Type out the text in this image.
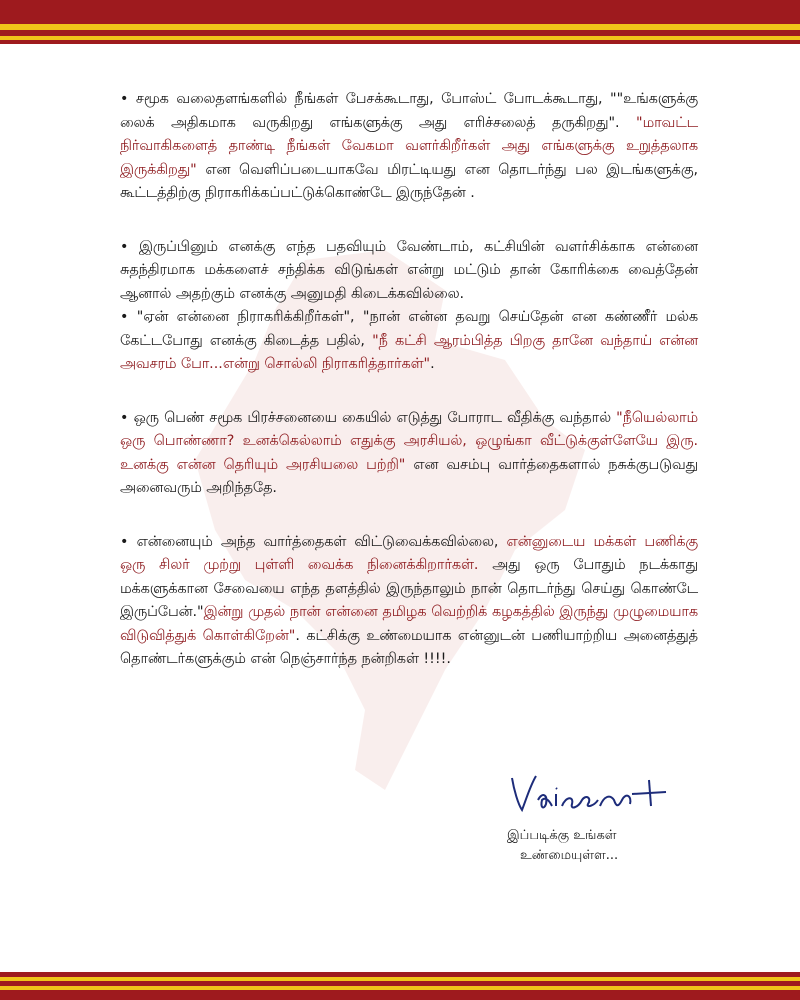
• சமூக வலைதளங்களில் நீங்கள் பேசக்கூடாது, போஸ்ட் போடக்கூடாது, ""உங்களுக்கு லைக் அதிகமாக வருகிறது எங்களுக்கு அது எரிச்சலைத் தருகிறது". "மாவட்ட நிர்வாகிகளைத் தாண்டி நீங்கள் வேகமா வளர்கிறீர்கள் அது எங்களுக்கு உறுத்தலாக இருக்கிறது" என வெளிப்படையாகவே மிரட்டியது என தொடர்ந்து பல இடங்களுக்கு, கூட்டத்திற்கு நிராகரிக்கப்பட்டுக்கொண்டே இருந்தேன் .

• இருப்பினும் எனக்கு எந்த பதவியும் வேண்டாம், கட்சியின் வளர்சிக்காக என்னை சுதந்திரமாக மக்களைச் சந்திக்க விடுங்கள் என்று மட்டும் தான் கோரிக்கை வைத்தேன் ஆனால் அதற்கும் எனக்கு அனுமதி கிடைக்கவில்லை.

• "ஏன் என்னை நிராகரிக்கிறீர்கள்", "நான் என்ன தவறு செய்தேன் என கண்ணீர் மல்க கேட்டபோது எனக்கு கிடைத்த பதில், "நீ கட்சி ஆரம்பித்த பிறகு தானே வந்தாய் என்ன அவசரம் போ...என்று சொல்லி நிராகரித்தார்கள்".

• ஒரு பெண் சமூக பிரச்சனையை கையில் எடுத்து போராட வீதிக்கு வந்தால் "நீயெல்லாம் ஒரு பொண்ணா? உனக்கெல்லாம் எதுக்கு அரசியல், ஒழுங்கா வீட்டுக்குள்ளேயே இரு. உனக்கு என்ன தெரியும் அரசியலை பற்றி" என வசம்பு வார்த்தைகளால் நசுக்குபடுவது அனைவரும் அறிந்ததே.

• என்னையும் அந்த வார்த்தைகள் விட்டுவைக்கவில்லை, என்னுடைய மக்கள் பணிக்கு ஒரு சிலர் முற்று புள்ளி வைக்க நினைக்கிறார்கள். அது ஒரு போதும் நடக்காது மக்களுக்கான சேவையை எந்த தளத்தில் இருந்தாலும் நான் தொடர்ந்து செய்து கொண்டே இருப்பேன்."இன்று முதல் நான் என்னை தமிழக வெற்றிக் கழகத்தில் இருந்து முழுமையாக விடுவித்துக் கொள்கிறேன்". கட்சிக்கு உண்மையாக என்னுடன் பணியாற்றிய அனைத்துத் தொண்டர்களுக்கும் என் நெஞ்சார்ந்த நன்றிகள் !!!!.

இப்படிக்கு உங்கள்
உண்மையுள்ள...
